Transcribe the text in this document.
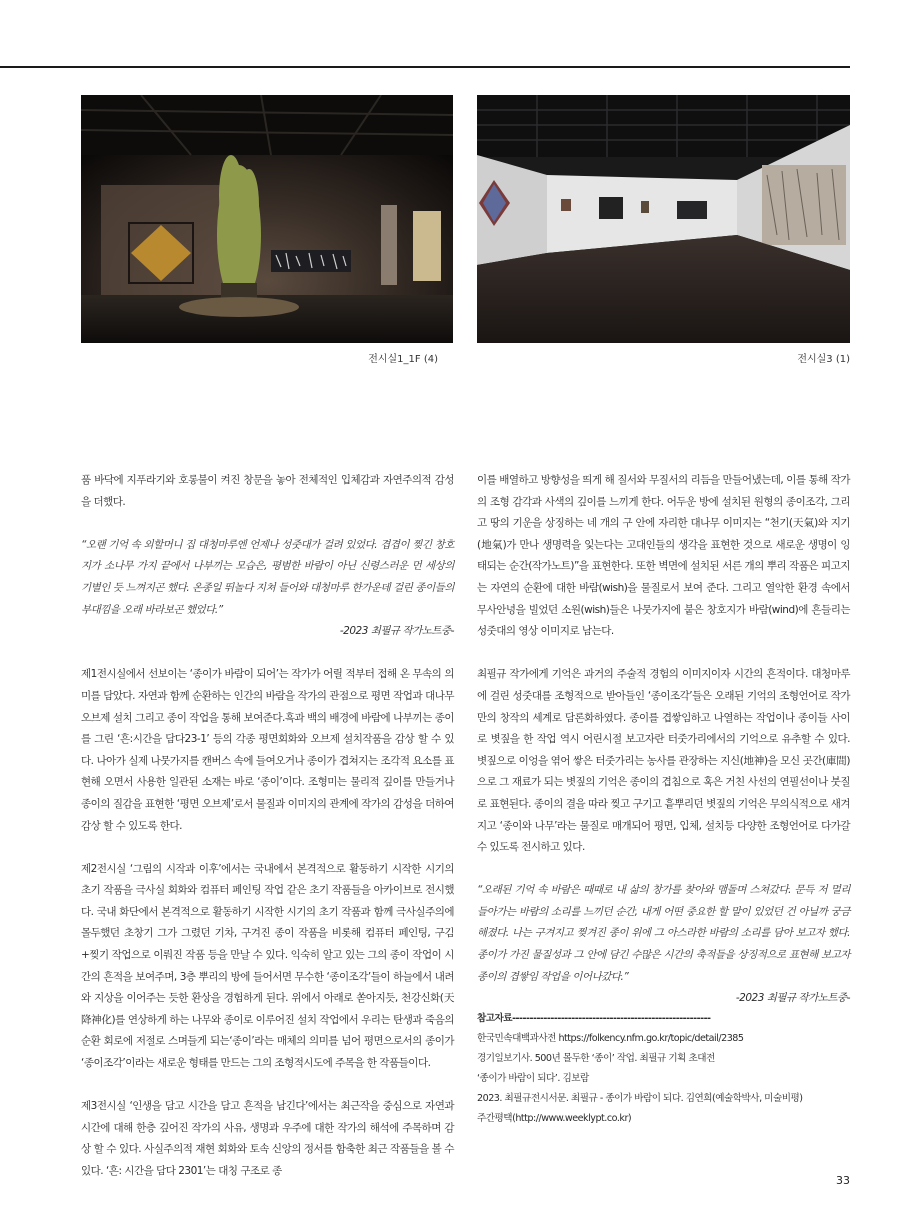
전시실1_1F (4)	전시실3 (1)

품 바닥에 지푸라기와 호롱불이 켜진 창문을 놓아 전체적인 입체감과 자연주의적 감성을 더했다.

“오랜 기억 속 외할머니 집 대청마루엔 언제나 성줏대가 걸려 있었다. 겹겹이 찢긴 창호지가 소나무 가지 끝에서 나부끼는 모습은, 평범한 바람이 아닌 신령스러운 먼 세상의 기별인 듯 느껴지곤 했다. 온종일 뛰놀다 지쳐 들어와 대청마루 한가운데 걸린 종이들의 부대낌을 오래 바라보곤 했었다.”

-2023 최필규 작가노트중-

제1전시실에서 선보이는 ‘종이가 바람이 되어’는 작가가 어릴 적부터 접해 온 무속의 의미를 담았다. 자연과 함께 순환하는 인간의 바람을 작가의 관점으로 평면 작업과 대나무 오브제 설치 그리고 종이 작업을 통해 보여준다.흑과 백의 배경에 바람에 나부끼는 종이를 그린 ‘흔:시간을 담다23-1’ 등의 각종 평면회화와 오브제 설치작품을 감상 할 수 있다. 나아가 실제 나뭇가지를 캔버스 속에 들여오거나 종이가 겹쳐지는 조각적 요소를 표현해 오면서 사용한 일관된 소재는 바로 ‘종이’이다. 조형미는 물리적 깊이를 만들거나 종이의 질감을 표현한 ‘평면 오브제’로서 물질과 이미지의 관계에 작가의 감성을 더하여 감상 할 수 있도록 한다.

제2전시실 ‘그림의 시작과 이후’에서는 국내에서 본격적으로 활동하기 시작한 시기의 초기 작품을 극사실 회화와 컴퓨터 페인팅 작업 같은 초기 작품들을 아카이브로 전시했다. 국내 화단에서 본격적으로 활동하기 시작한 시기의 초기 작품과 함께 극사실주의에 몰두했던 초창기 그가 그렸던 기차, 구겨진 종이 작품을 비롯해 컴퓨터 페인팅, 구김+찢기 작업으로 이뤄진 작품 등을 만날 수 있다. 익숙히 알고 있는 그의 종이 작업이 시간의 흔적을 보여주며, 3층 뿌리의 방에 들어서면 무수한 ‘종이조각’들이 하늘에서 내려와 지상을 이어주는 듯한 환상을 경험하게 된다. 위에서 아래로 쏟아지듯, 천강신화(天降神化)를 연상하게 하는 나무와 종이로 이루어진 설치 작업에서 우리는 탄생과 죽음의 순환 회로에 저절로 스며들게 되는‘종이’라는 매체의 의미를 넘어 평면으로서의 종이가 ‘종이조각’이라는 새로운 형태를 만드는 그의 조형적시도에 주목을 한 작품들이다.

제3전시실 ‘인생을 담고 시간을 담고 흔적을 남긴다’에서는 최근작을 중심으로 자연과 시간에 대해 한층 깊어진 작가의 사유, 생명과 우주에 대한 작가의 해석에 주목하며 감상 할 수 있다. 사실주의적 재현 회화와 토속 신앙의 정서를 함축한 최근 작품들을 볼 수 있다. ‘흔: 시간을 담다 2301’는 대칭 구조로 종

이를 배열하고 방향성을 띄게 해 질서와 무질서의 리듬을 만들어냈는데, 이를 통해 작가의 조형 감각과 사색의 깊이를 느끼게 한다. 어두운 방에 설치된 원형의 종이조각, 그리고 땅의 기운을 상징하는 네 개의 구 안에 자리한 대나무 이미지는 “천기(天氣)와 지기(地氣)가 만나 생명력을 잋는다는 고대인들의 생각을 표현한 것으로 새로운 생명이 잉태되는 순간(작가노트)”을 표현한다. 또한 벽면에 설치된 서른 개의 뿌리 작품은 피고지는 자연의 순환에 대한 바람(wish)을 물질로서 보여 준다. 그리고 열악한 환경 속에서 무사안녕을 빌었던 소원(wish)들은 나뭇가지에 붙은 창호지가 바람(wind)에 흔들리는 성줏대의 영상 이미지로 남는다.

최필규 작가에게 기억은 과거의 주술적 경험의 이미지이자 시간의 흔적이다. 대청마루에 걸린 성줏대를 조형적으로 받아들인 ‘종이조각’들은 오래된 기억의 조형언어로 작가만의 창작의 세계로 담론화하였다. 종이를 겹쌓임하고 나열하는 작업이나 종이들 사이로 볏짚을 한 작업 역시 어린시절 보고자란 터줏가리에서의 기억으로 유추할 수 있다. 볏짚으로 이엉을 엮어 쌓은 터줏가리는 농사를 관장하는 지신(地神)을 모신 곳간(庫間)으로 그 재료가 되는 볏짚의 기억은 종이의 겹침으로 혹은 거친 사선의 연필선이나 붓질로 표현된다. 종이의 결을 따라 찢고 구기고 흩뿌리던 볏짚의 기억은 무의식적으로 새겨지고 ‘종이와 나무’라는 물질로 매개되어 평면, 입체, 설치등 다양한 조형언어로 다가갈 수 있도록 전시하고 있다.

“오래된 기억 속 바람은 때때로 내 삶의 창가를 찾아와 맴돌며 스쳐갔다. 문득 저 멀리 들아가는 바람의 소리를 느끼던 순간, 내게 어떤 중요한 할 말이 있었던 건 아닐까 궁금해졌다. 나는 구겨지고 찢겨진 종이 위에 그 아스라한 바람의 소리를 담아 보고자 했다. 종이가 가진 물질성과 그 안에 담긴 수많은 시간의 축적들을 상징적으로 표현해 보고자 종이의 겹쌓임 작업을 이어나갔다.”

-2023 최필규 작가노트중-

참고자료---------------------------------------------------------
한국민속대백과사전 https://folkency.nfm.go.kr/topic/detail/2385
경기일보기사. 500년 몰두한 ‘종이’ 작업. 최필규 기획 초대전
‘종이가 바람이 되다’. 김보람
2023. 최필규전시서문. 최필규 - 종이가 바람이 되다. 김연희(예술학박사, 미술비평)
주간평택(http://www.weeklypt.co.kr)
33
